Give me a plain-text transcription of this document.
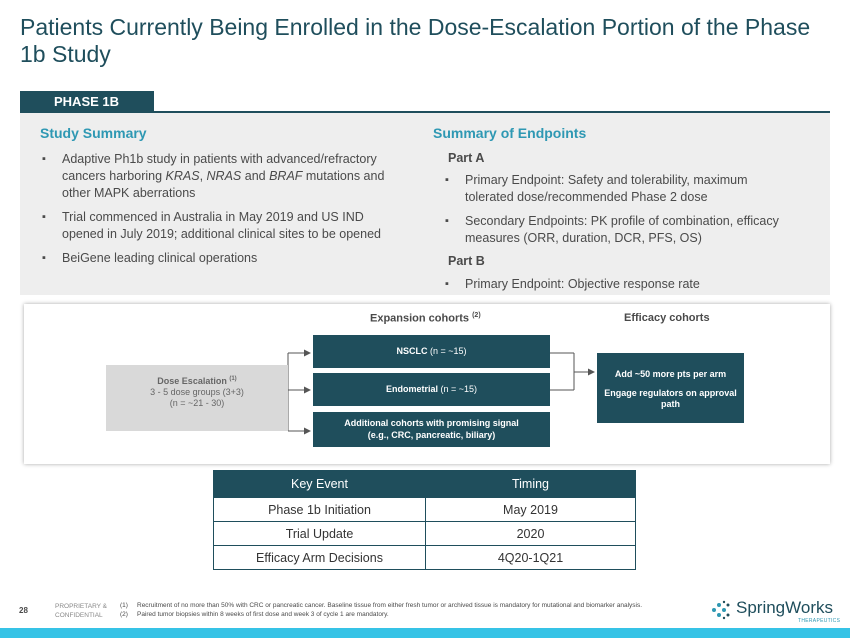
Patients Currently Being Enrolled in the Dose-Escalation Portion of the Phase 1b Study
PHASE 1B
Study Summary
▪ Adaptive Ph1b study in patients with advanced/refractory cancers harboring KRAS, NRAS and BRAF mutations and other MAPK aberrations
▪ Trial commenced in Australia in May 2019 and US IND opened in July 2019; additional clinical sites to be opened
▪ BeiGene leading clinical operations
Summary of Endpoints
Part A
▪ Primary Endpoint: Safety and tolerability, maximum tolerated dose/recommended Phase 2 dose
▪ Secondary Endpoints: PK profile of combination, efficacy measures (ORR, duration, DCR, PFS, OS)
Part B
▪ Primary Endpoint: Objective response rate
Expansion cohorts $^{(2)}$	Efficacy cohorts
Dose Escalation $^{(1)}$
3 - 5 dose groups (3+3)
(n = ~21 - 30)
NSCLC (n = ~15)
Endometrial (n = ~15)
Additional cohorts with promising signal
(e.g., CRC, pancreatic, biliary)
Add ~50 more pts per arm
Engage regulators on approval path
Key Event	Timing
Phase 1b Initiation	May 2019
Trial Update	2020
Efficacy Arm Decisions	4Q20-1Q21
28	PROPRIETARY &
CONFIDENTIAL
(1)	Recruitment of no more than 50% with CRC or pancreatic cancer. Baseline tissue from either fresh tumor or archived tissue is mandatory for mutational and biomarker analysis.
(2)	Paired tumor biopsies within 8 weeks of first dose and week 3 of cycle 1 are mandatory.	SpringWorks
THERAPEUTICS
